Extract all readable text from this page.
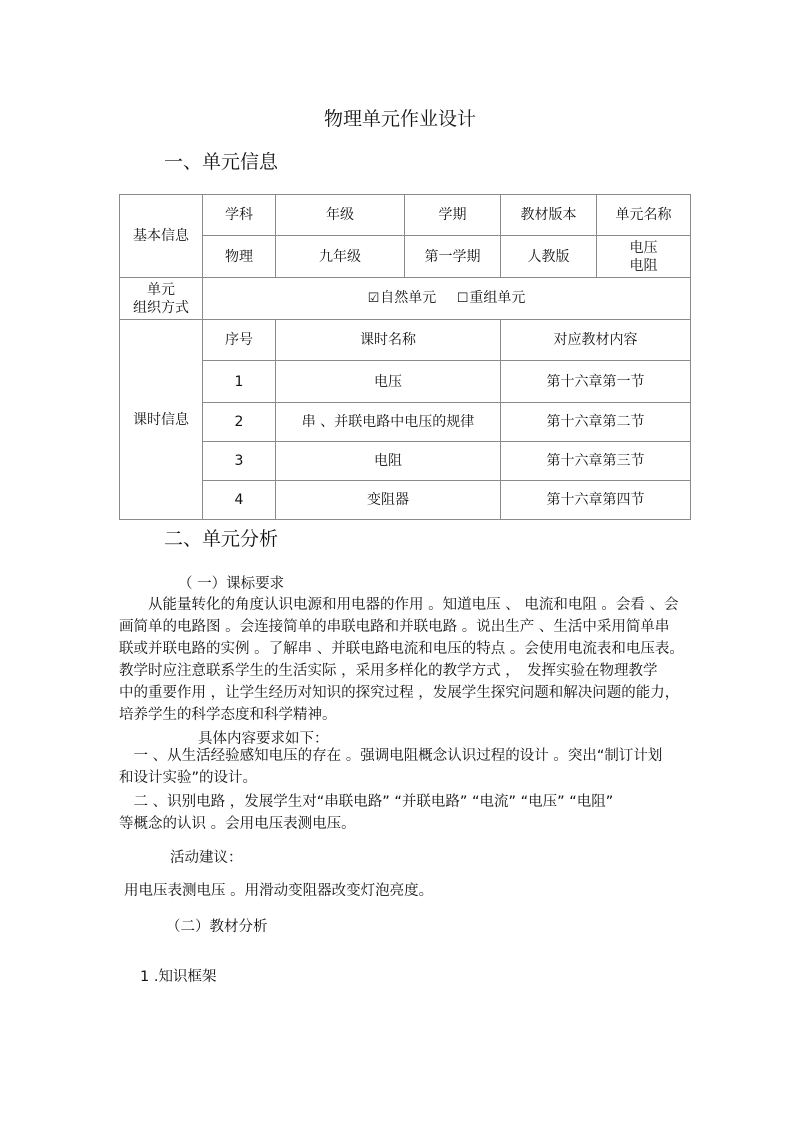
物理单元作业设计
一、单元信息
基本信息	学科	年级	学期	教材版本	单元名称
	物理	九年级	第一学期	人教版	电压
电阻

单元
组织方式	☑自然单元 ☐重组单元				
课时信息	序号	课时名称		对应教材内容	
	1	电压		第十六章第一节	
	2	串 、并联电路中电压的规律		第十六章第二节	
	3	电阻		第十六章第三节	
	4	变阻器		第十六章第四节	
二、单元分析
（ 一）课标要求
　　从能量转化的角度认识电源和用电器的作用 。知道电压 、 电流和电阻 。会看 、会
画简单的电路图 。会连接简单的串联电路和并联电路 。说出生产 、生活中采用简单串
联或并联电路的实例 。了解串 、并联电路电流和电压的特点 。会使用电流表和电压表。
教学时应注意联系学生的生活实际 ，采用多样化的教学方式 ，　发挥实验在物理教学
中的重要作用 ，让学生经历对知识的探究过程 ，发展学生探究问题和解决问题的能力，
培养学生的科学态度和科学精神。
具体内容要求如下：
　一 、从生活经验感知电压的存在 。强调电阻概念认识过程的设计 。突出“制订计划
和设计实验”的设计。
　二 、识别电路 ，发展学生对“串联电路” “并联电路” “电流” “电压” “电阻”
等概念的认识 。会用电压表测电压。
活动建议：
用电压表测电压 。用滑动变阻器改变灯泡亮度。
（二）教材分析
1 .知识框架
